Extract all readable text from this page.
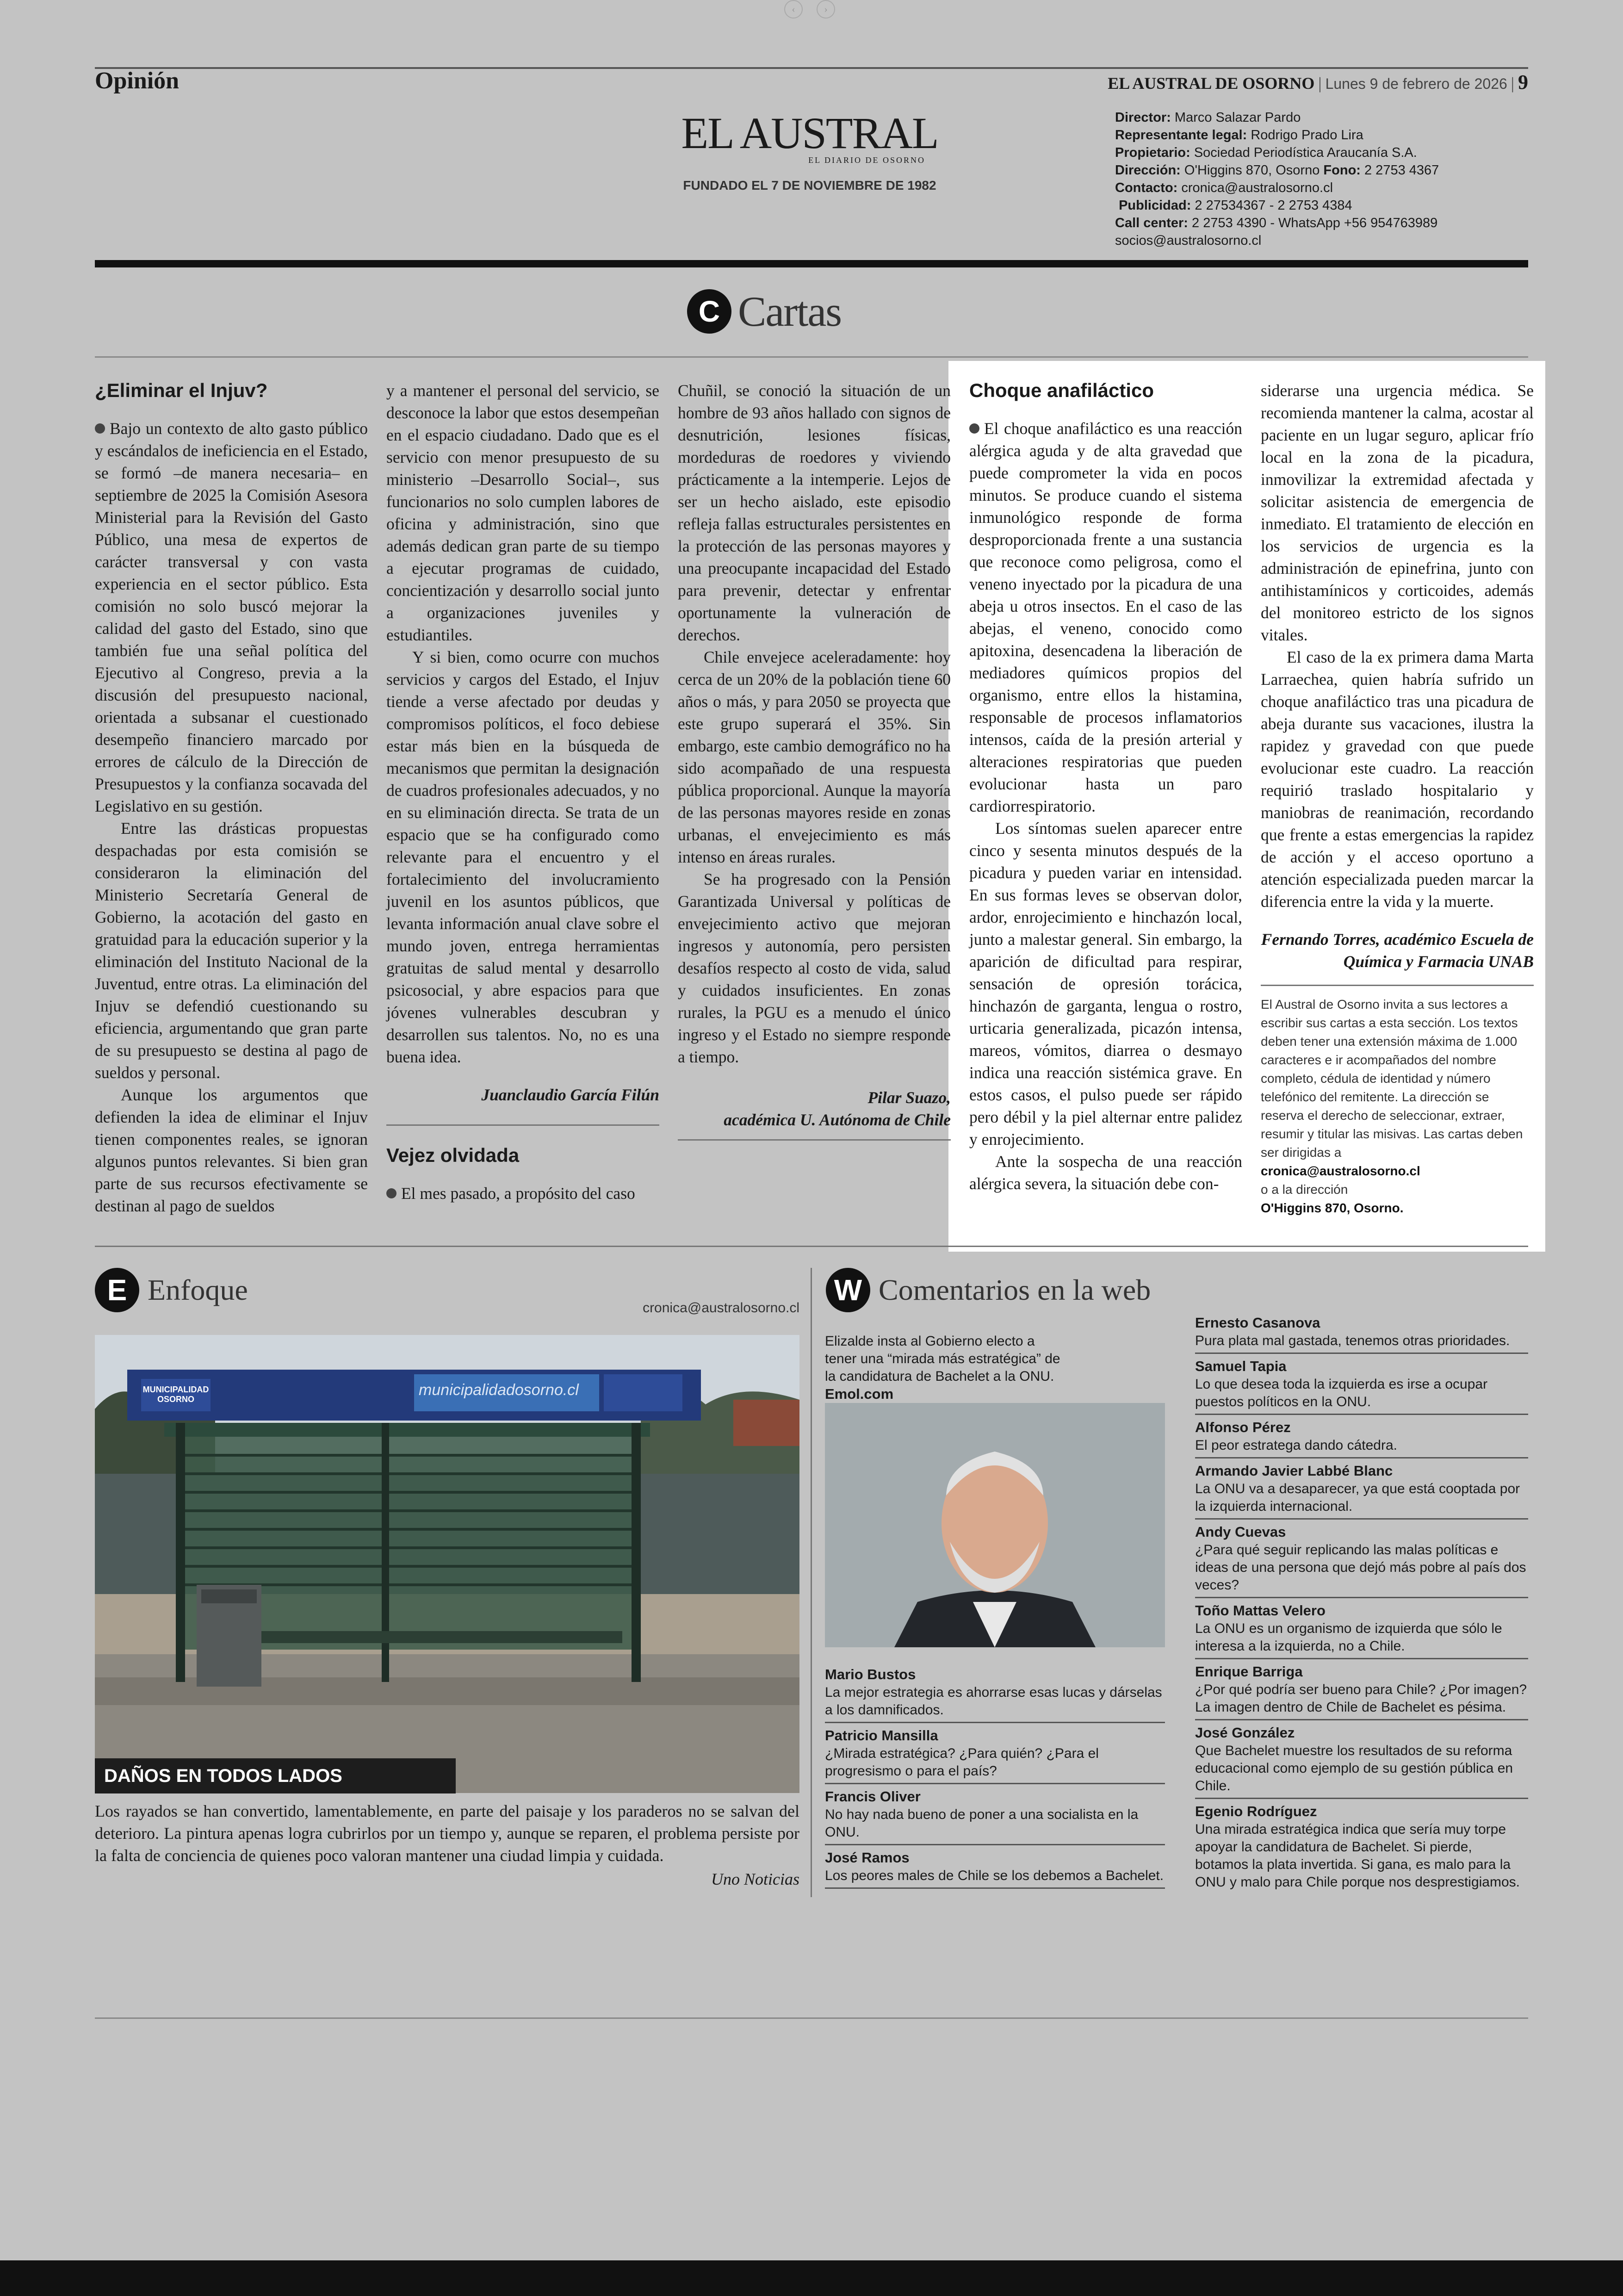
‹	›
Opinión	EL AUSTRAL DE OSORNO | Lunes 9 de febrero de 2026 | 9
EL AUSTRAL
EL DIARIO DE OSORNO
FUNDADO EL 7 DE NOVIEMBRE DE 1982
Director: Marco Salazar Pardo
Representante legal: Rodrigo Prado Lira
Propietario: Sociedad Periodística Araucanía S.A.
Dirección: O'Higgins 870, Osorno Fono: 2 2753 4367
Contacto: cronica@australosorno.cl
Publicidad: 2 27534367 - 2 2753 4384
Call center: 2 2753 4390 - WhatsApp +56 954763989
socios@australosorno.cl
C Cartas
¿Eliminar el Injuv?

Bajo un contexto de alto gasto público y escándalos de ineficiencia en el Estado, se formó –de manera necesaria– en septiembre de 2025 la Comisión Asesora Ministerial para la Revisión del Gasto Público, una mesa de expertos de carácter transversal y con vasta experiencia en el sector público. Esta comisión no solo buscó mejorar la calidad del gasto del Estado, sino que también fue una señal política del Ejecutivo al Congreso, previa a la discusión del presupuesto nacional, orientada a subsanar el cuestionado desempeño financiero marcado por errores de cálculo de la Dirección de Presupuestos y la confianza socavada del Legislativo en su gestión.

Entre las drásticas propuestas despachadas por esta comisión se consideraron la eliminación del Ministerio Secretaría General de Gobierno, la acotación del gasto en gratuidad para la educación superior y la eliminación del Instituto Nacional de la Juventud, entre otras. La eliminación del Injuv se defendió cuestionando su eficiencia, argumentando que gran parte de su presupuesto se destina al pago de sueldos y personal.

Aunque los argumentos que defienden la idea de eliminar el Injuv tienen componentes reales, se ignoran algunos puntos relevantes. Si bien gran parte de sus recursos efectivamente se destinan al pago de sueldos

y a mantener el personal del servicio, se desconoce la labor que estos desempeñan en el espacio ciudadano. Dado que es el servicio con menor presupuesto de su ministerio –Desarrollo Social–, sus funcionarios no solo cumplen labores de oficina y administración, sino que además dedican gran parte de su tiempo a ejecutar programas de cuidado, concientización y desarrollo social junto a organizaciones juveniles y estudiantiles.

Y si bien, como ocurre con muchos servicios y cargos del Estado, el Injuv tiende a verse afectado por deudas y compromisos políticos, el foco debiese estar más bien en la búsqueda de mecanismos que permitan la designación de cuadros profesionales adecuados, y no en su eliminación directa. Se trata de un espacio que se ha configurado como relevante para el encuentro y el fortalecimiento del involucramiento juvenil en los asuntos públicos, que levanta información anual clave sobre el mundo joven, entrega herramientas gratuitas de salud mental y desarrollo psicosocial, y abre espacios para que jóvenes vulnerables descubran y desarrollen sus talentos. No, no es una buena idea.

Juanclaudio García Filún

Vejez olvidada

El mes pasado, a propósito del caso

Chuñil, se conoció la situación de un hombre de 93 años hallado con signos de desnutrición, lesiones físicas, mordeduras de roedores y viviendo prácticamente a la intemperie. Lejos de ser un hecho aislado, este episodio refleja fallas estructurales persistentes en la protección de las personas mayores y una preocupante incapacidad del Estado para prevenir, detectar y enfrentar oportunamente la vulneración de derechos.

Chile envejece aceleradamente: hoy cerca de un 20% de la población tiene 60 años o más, y para 2050 se proyecta que este grupo superará el 35%. Sin embargo, este cambio demográfico no ha sido acompañado de una respuesta pública proporcional. Aunque la mayoría de las personas mayores reside en zonas urbanas, el envejecimiento es más intenso en áreas rurales.

Se ha progresado con la Pensión Garantizada Universal y políticas de envejecimiento activo que mejoran ingresos y autonomía, pero persisten desafíos respecto al costo de vida, salud y cuidados insuficientes. En zonas rurales, la PGU es a menudo el único ingreso y el Estado no siempre responde a tiempo.

Pilar Suazo,
académica U. Autónoma de Chile

Choque anafiláctico

El choque anafiláctico es una reacción alérgica aguda y de alta gravedad que puede comprometer la vida en pocos minutos. Se produce cuando el sistema inmunológico responde de forma desproporcionada frente a una sustancia que reconoce como peligrosa, como el veneno inyectado por la picadura de una abeja u otros insectos. En el caso de las abejas, el veneno, conocido como apitoxina, desencadena la liberación de mediadores químicos propios del organismo, entre ellos la histamina, responsable de procesos inflamatorios intensos, caída de la presión arterial y alteraciones respiratorias que pueden evolucionar hasta un paro cardiorrespiratorio.

Los síntomas suelen aparecer entre cinco y sesenta minutos después de la picadura y pueden variar en intensidad. En sus formas leves se observan dolor, ardor, enrojecimiento e hinchazón local, junto a malestar general. Sin embargo, la aparición de dificultad para respirar, sensación de opresión torácica, hinchazón de garganta, lengua o rostro, urticaria generalizada, picazón intensa, mareos, vómitos, diarrea o desmayo indica una reacción sistémica grave. En estos casos, el pulso puede ser rápido pero débil y la piel alternar entre palidez y enrojecimiento.

Ante la sospecha de una reacción alérgica severa, la situación debe con-

siderarse una urgencia médica. Se recomienda mantener la calma, acostar al paciente en un lugar seguro, aplicar frío local en la zona de la picadura, inmovilizar la extremidad afectada y solicitar asistencia de emergencia de inmediato. El tratamiento de elección en los servicios de urgencia es la administración de epinefrina, junto con antihistamínicos y corticoides, además del monitoreo estricto de los signos vitales.

El caso de la ex primera dama Marta Larraechea, quien habría sufrido un choque anafiláctico tras una picadura de abeja durante sus vacaciones, ilustra la rapidez y gravedad con que puede evolucionar este cuadro. La reacción requirió traslado hospitalario y maniobras de reanimación, recordando que frente a estas emergencias la rapidez de acción y el acceso oportuno a atención especializada pueden marcar la diferencia entre la vida y la muerte.

Fernando Torres, académico Escuela de Química y Farmacia UNAB

El Austral de Osorno invita a sus lectores a escribir sus cartas a esta sección. Los textos deben tener una extensión máxima de 1.000 caracteres e ir acompañados del nombre completo, cédula de identidad y número telefónico del remitente. La dirección se reserva el derecho de seleccionar, extraer, resumir y titular las misivas. Las cartas deben ser dirigidas a
cronica@australosorno.cl
o a la dirección
O'Higgins 870, Osorno.
E Enfoque
cronica@australosorno.cl
municipalidadosorno.cl
MUNICIPALIDAD OSORNO
DAÑOS EN TODOS LADOS
Los rayados se han convertido, lamentablemente, en parte del paisaje y los paraderos no se salvan del deterioro. La pintura apenas logra cubrirlos por un tiempo y, aunque se reparen, el problema persiste por la falta de conciencia de quienes poco valoran mantener una ciudad limpia y cuidada.
Uno Noticias
W Comentarios en la web
Elizalde insta al Gobierno electo a tener una “mirada más estratégica” de la candidatura de Bachelet a la ONU. Emol.com
Mario Bustos
La mejor estrategia es ahorrarse esas lucas y dárselas a los damnificados.
Patricio Mansilla
¿Mirada estratégica? ¿Para quién? ¿Para el progresismo o para el país?
Francis Oliver
No hay nada bueno de poner a una socialista en la ONU.
José Ramos
Los peores males de Chile se los debemos a Bachelet.
Ernesto Casanova
Pura plata mal gastada, tenemos otras prioridades.
Samuel Tapia
Lo que desea toda la izquierda es irse a ocupar puestos políticos en la ONU.
Alfonso Pérez
El peor estratega dando cátedra.
Armando Javier Labbé Blanc
La ONU va a desaparecer, ya que está cooptada por la izquierda internacional.
Andy Cuevas
¿Para qué seguir replicando las malas políticas e ideas de una persona que dejó más pobre al país dos veces?
Toño Mattas Velero
La ONU es un organismo de izquierda que sólo le interesa a la izquierda, no a Chile.
Enrique Barriga
¿Por qué podría ser bueno para Chile? ¿Por imagen? La imagen dentro de Chile de Bachelet es pésima.
José González
Que Bachelet muestre los resultados de su reforma educacional como ejemplo de su gestión pública en Chile.
Egenio Rodríguez
Una mirada estratégica indica que sería muy torpe apoyar la candidatura de Bachelet. Si pierde, botamos la plata invertida. Si gana, es malo para la ONU y malo para Chile porque nos desprestigiamos.
